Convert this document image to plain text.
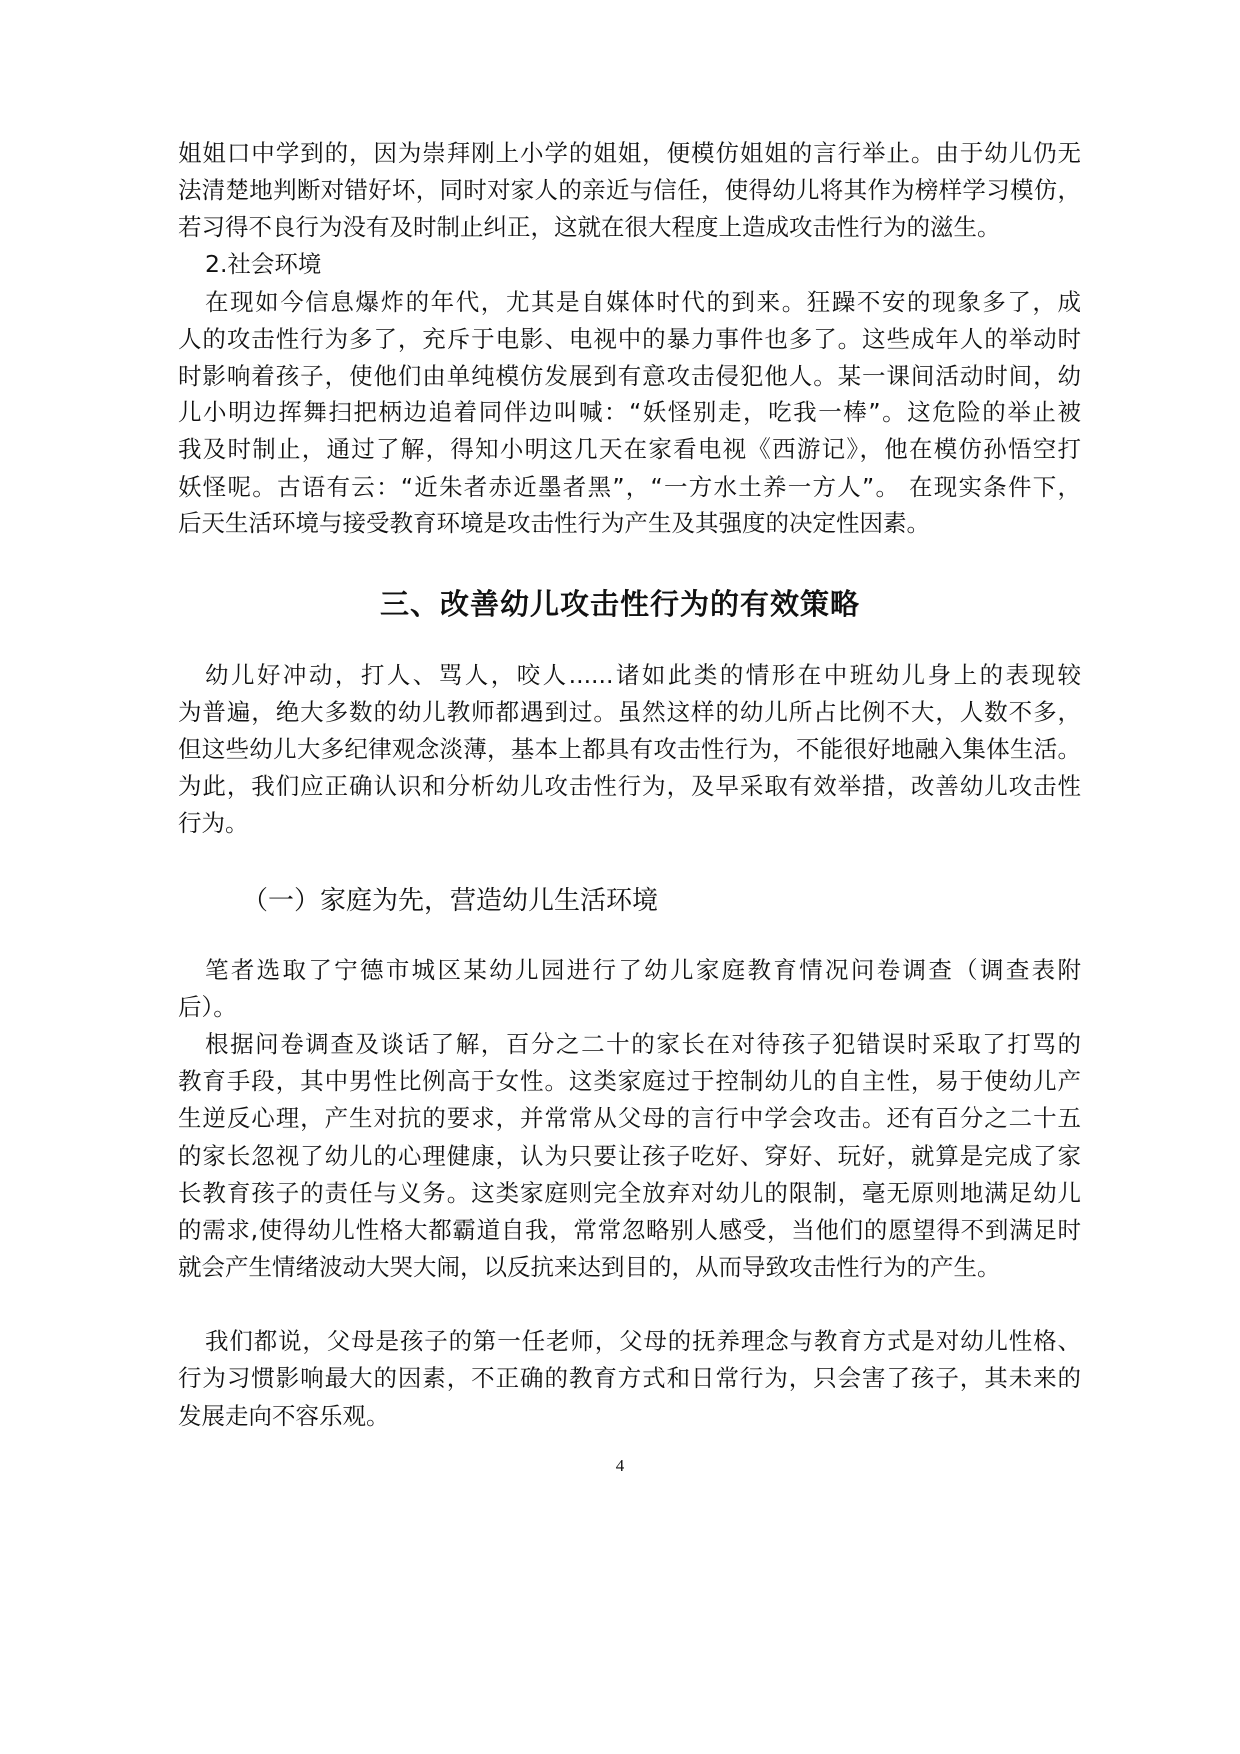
三、改善幼儿攻击性行为的有效策略
（一）家庭为先，营造幼儿生活环境
4
姐姐口中学到的，因为崇拜刚上小学的姐姐，便模仿姐姐的言行举止。由于幼儿仍无
法清楚地判断对错好坏，同时对家人的亲近与信任，使得幼儿将其作为榜样学习模仿，
若习得不良行为没有及时制止纠正，这就在很大程度上造成攻击性行为的滋生。
2.社会环境
在现如今信息爆炸的年代，尤其是自媒体时代的到来。狂躁不安的现象多了，成
人的攻击性行为多了，充斥于电影、电视中的暴力事件也多了。这些成年人的举动时
时影响着孩子，使他们由单纯模仿发展到有意攻击侵犯他人。某一课间活动时间，幼
儿小明边挥舞扫把柄边追着同伴边叫喊：“妖怪别走，吃我一棒”。这危险的举止被
我及时制止，通过了解，得知小明这几天在家看电视《西游记》，他在模仿孙悟空打
妖怪呢。古语有云：“近朱者赤近墨者黑”，“一方水土养一方人”。 在现实条件下，
后天生活环境与接受教育环境是攻击性行为产生及其强度的决定性因素。
幼儿好冲动，打人、骂人，咬人......诸如此类的情形在中班幼儿身上的表现较
为普遍，绝大多数的幼儿教师都遇到过。虽然这样的幼儿所占比例不大，人数不多，
但这些幼儿大多纪律观念淡薄，基本上都具有攻击性行为，不能很好地融入集体生活。
为此，我们应正确认识和分析幼儿攻击性行为，及早采取有效举措，改善幼儿攻击性
行为。
笔者选取了宁德市城区某幼儿园进行了幼儿家庭教育情况问卷调查（调查表附
后）。
根据问卷调查及谈话了解，百分之二十的家长在对待孩子犯错误时采取了打骂的
教育手段，其中男性比例高于女性。这类家庭过于控制幼儿的自主性，易于使幼儿产
生逆反心理，产生对抗的要求，并常常从父母的言行中学会攻击。还有百分之二十五
的家长忽视了幼儿的心理健康，认为只要让孩子吃好、穿好、玩好，就算是完成了家
长教育孩子的责任与义务。这类家庭则完全放弃对幼儿的限制，毫无原则地满足幼儿
的需求,使得幼儿性格大都霸道自我，常常忽略别人感受，当他们的愿望得不到满足时
就会产生情绪波动大哭大闹，以反抗来达到目的，从而导致攻击性行为的产生。
我们都说，父母是孩子的第一任老师，父母的抚养理念与教育方式是对幼儿性格、
行为习惯影响最大的因素，不正确的教育方式和日常行为，只会害了孩子，其未来的
发展走向不容乐观。
